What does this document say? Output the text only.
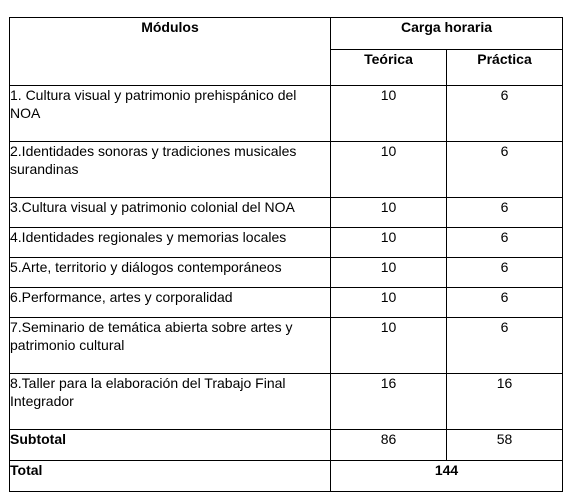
Módulos	Carga horaria	
	Teórica	Práctica
1. Cultura visual y patrimonio prehispánico del NOA	10	6
2.Identidades sonoras y tradiciones musicales surandinas	10	6
3.Cultura visual y patrimonio colonial del NOA	10	6
4.Identidades regionales y memorias locales	10	6
5.Arte, territorio y diálogos contemporáneos	10	6
6.Performance, artes y corporalidad	10	6
7.Seminario de temática abierta sobre artes y patrimonio cultural	10	6
8.Taller para la elaboración del Trabajo Final Integrador	16	16
Subtotal	86	58
Total	144	
